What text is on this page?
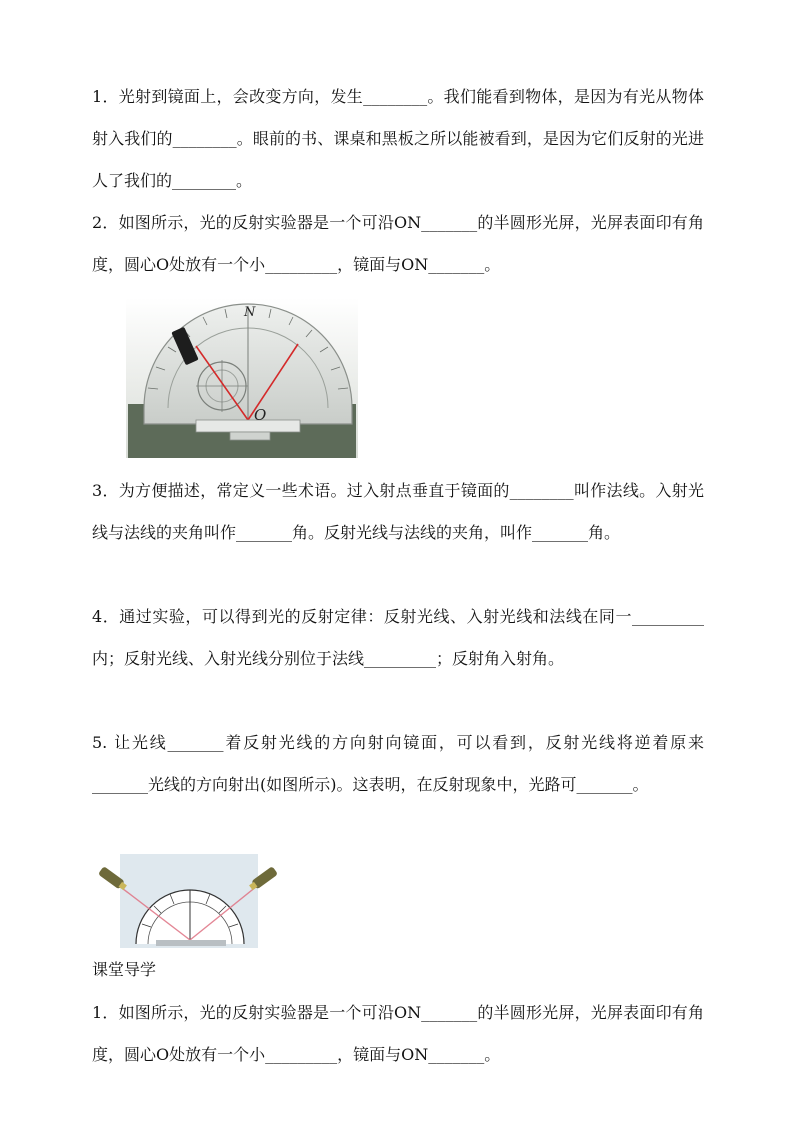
1．光射到镜面上，会改变方向，发生________。我们能看到物体，是因为有光从物体射入我们的________。眼前的书、课桌和黑板之所以能被看到，是因为它们反射的光进人了我们的________。

2．如图所示，光的反射实验器是一个可沿ON_______的半圆形光屏，光屏表面印有角度，圆心O处放有一个小_________，镜面与ON_______。

N
O

3．为方便描述，常定义一些术语。过入射点垂直于镜面的________叫作法线。入射光线与法线的夹角叫作_______角。反射光线与法线的夹角，叫作_______角。

4．通过实验，可以得到光的反射定律：反射光线、入射光线和法线在同一_________内；反射光线、入射光线分别位于法线_________；反射角入射角。

5. 让光线_______着反射光线的方向射向镜面，可以看到，反射光线将逆着原来_______光线的方向射出(如图所示)。这表明，在反射现象中，光路可_______。

课堂导学

1．如图所示，光的反射实验器是一个可沿ON_______的半圆形光屏，光屏表面印有角度，圆心O处放有一个小_________，镜面与ON_______。
